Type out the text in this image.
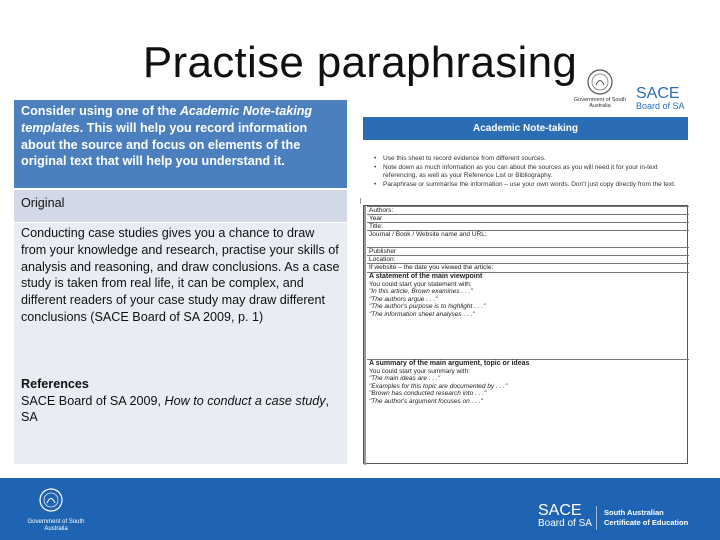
Practise paraphrasing
Government of South Australia
SACE
Board of SA
Consider using one of the Academic Note-taking templates. This will help you record information about the source and focus on elements of the original text that will help you understand it.
Original
Conducting case studies gives you a chance to draw from your knowledge and research, practise your skills of analysis and reasoning, and draw conclusions. As a case study is taken from real life, it can be complex, and different readers of your case study may draw different conclusions (SACE Board of SA 2009, p. 1)
References
SACE Board of SA 2009, How to conduct a case study, SA
Academic Note-taking
• Use this sheet to record evidence from different sources.
• Note down as much information as you can about the sources as you will need it for your in-text referencing, as well as your Reference List or Bibliography.
• Paraphrase or summarise the information – use your own words. Don't just copy directly from the text.
Authors:
Year
Title:
Journal / Book / Website name and URL:
Publisher
Location:
If website – the date you viewed the article:
A statement of the main viewpoint
You could start your statement with:
"In this article, Brown examines . . ."
"The authors argue . . ."
"The author's purpose is to highlight . . ."
"The information sheet analyses . . ."
A summary of the main argument, topic or ideas
You could start your summary with:
"The main ideas are . . ."
"Examples for this topic are documented by . . ."
"Brown has conducted research into . . ."
"The author's argument focuses on . . ."
Government of South Australia
SACE
Board of SA
South Australian
Certificate of Education
